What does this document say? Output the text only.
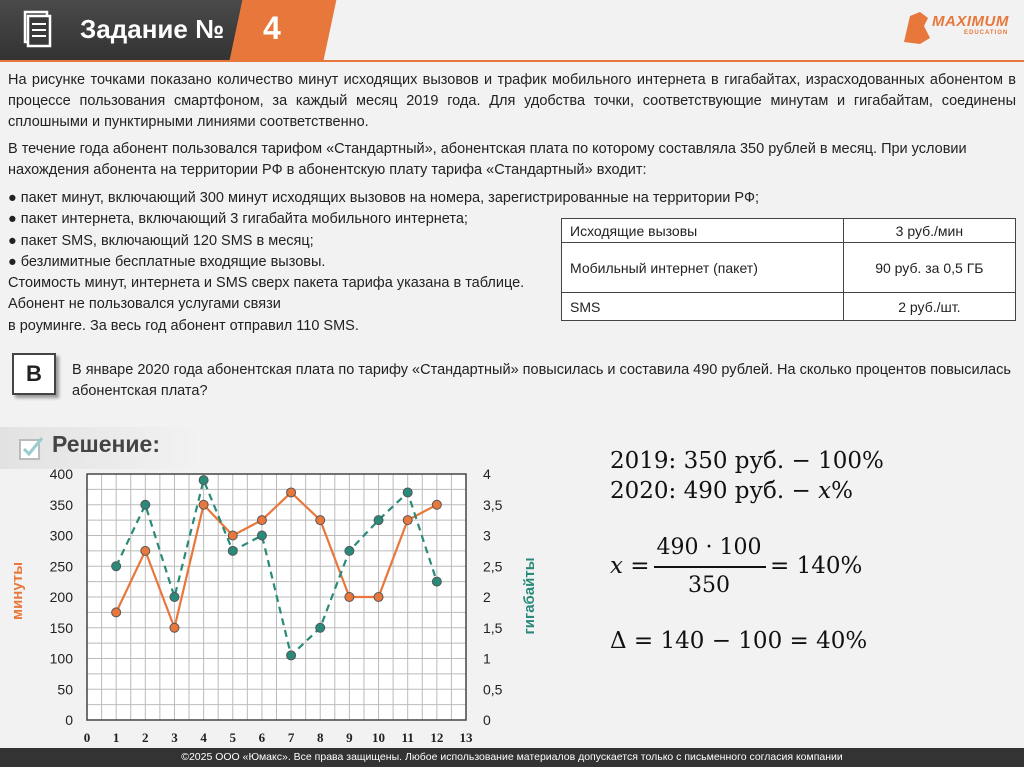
Задание № 4	MAXIMUM
EDUCATION
На рисунке точками показано количество минут исходящих вызовов и трафик мобильного интернета в гигабайтах, израсходованных абонентом в процессе пользования смартфоном, за каждый месяц 2019 года. Для удобства точки, соответствующие минутам и гигабайтам, соединены сплошными и пунктирными линиями соответственно.
В течение года абонент пользовался тарифом «Стандартный», абонентская плата по которому составляла 350 рублей в месяц. При условии нахождения абонента на территории РФ в абонентскую плату тарифа «Стандартный» входит:
● пакет минут, включающий 300 минут исходящих вызовов на номера, зарегистрированные на территории РФ;
● пакет интернета, включающий 3 гигабайта мобильного интернета;
● пакет SMS, включающий 120 SMS в месяц;
● безлимитные бесплатные входящие вызовы.
Стоимость минут, интернета и SMS сверх пакета тарифа указана в таблице.
Абонент не пользовался услугами связи
в роуминге. За весь год абонент отправил 110 SMS.
Исходящие вызовы	3 руб./мин
Мобильный интернет (пакет)	90 руб. за 0,5 ГБ
SMS	2 руб./шт.
В	В январе 2020 года абонентская плата по тарифу «Стандартный» повысилась и составила 490 рублей. На сколько процентов повысилась абонентская плата?
Решение:
2019: 350 руб. − 100%
2020: 490 руб. − 𝑥%
𝑥 =
490 · 100
350
= 140%
Δ = 140 − 100 = 40%
0	0
50	0,5
100	1
150	1,5
200	2
250	2,5
300	3
350	3,5
400	4
0 1 2 3 4 5 6 7 8 9 10 11 12 13
минуты	гигабайты
©2025 ООО «Юмакс». Все права защищены. Любое использование материалов допускается только с письменного согласия компании
